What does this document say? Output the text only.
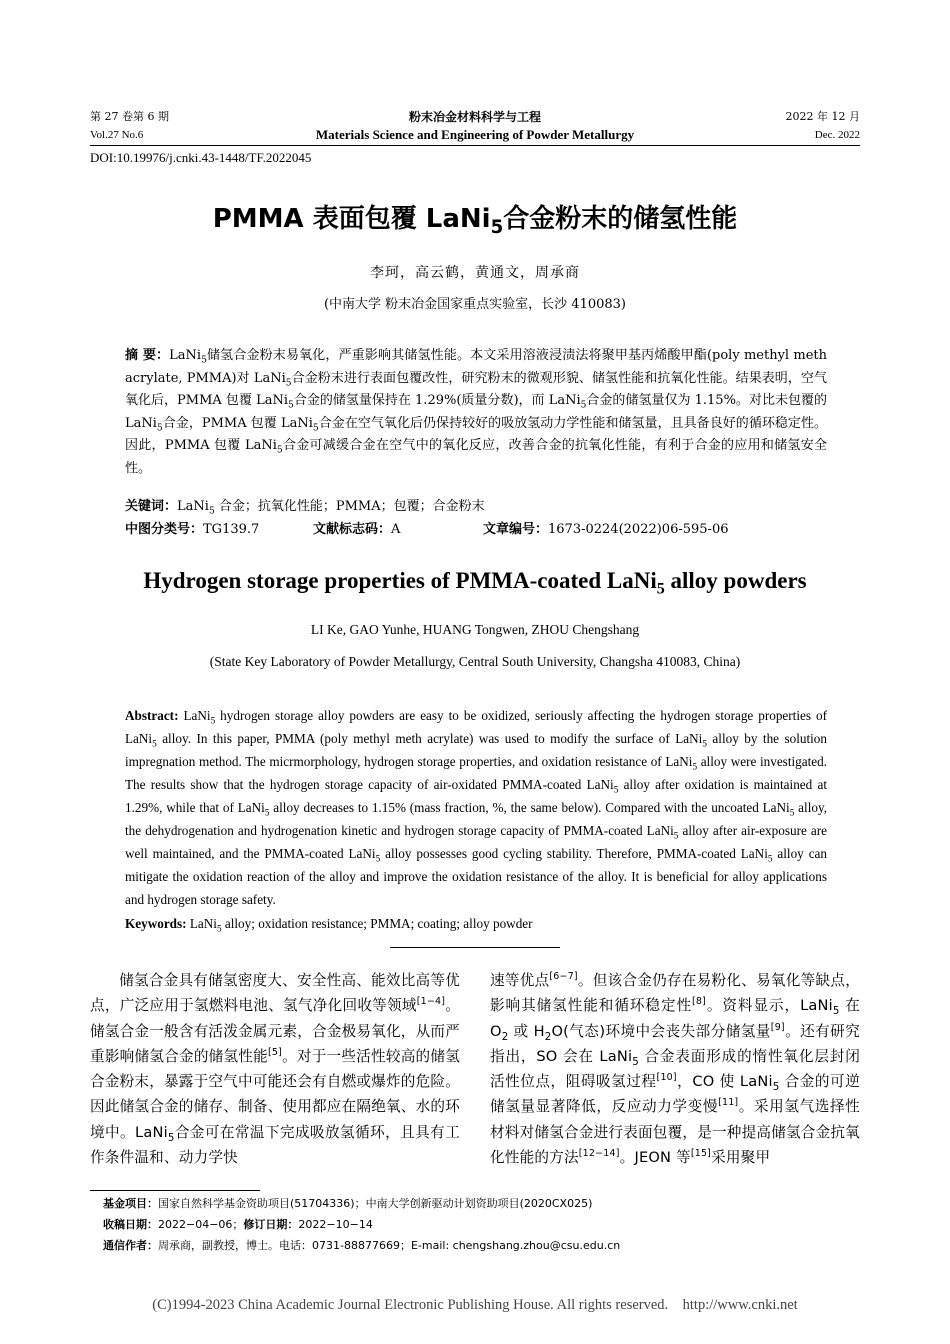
第 27 卷第 6 期
Vol.27 No.6
粉末冶金材料科学与工程
Materials Science and Engineering of Powder Metallurgy
2022 年 12 月
Dec. 2022
DOI:10.19976/j.cnki.43-1448/TF.2022045
PMMA 表面包覆 LaNi$_5$合金粉末的储氢性能
李珂，高云鹤，黄通文，周承商
(中南大学 粉末冶金国家重点实验室，长沙 410083)
摘 要：LaNi$_5$储氢合金粉末易氧化，严重影响其储氢性能。本文采用溶液浸渍法将聚甲基丙烯酸甲酯(poly methyl meth acrylate, PMMA)对 LaNi$_5$合金粉末进行表面包覆改性，研究粉末的微观形貌、储氢性能和抗氧化性能。结果表明，空气氧化后，PMMA 包覆 LaNi$_5$合金的储氢量保持在 1.29%(质量分数)，而 LaNi$_5$合金的储氢量仅为 1.15%。对比未包覆的 LaNi$_5$合金，PMMA 包覆 LaNi$_5$合金在空气氧化后仍保持较好的吸放氢动力学性能和储氢量，且具备良好的循环稳定性。因此，PMMA 包覆 LaNi$_5$合金可减缓合金在空气中的氧化反应，改善合金的抗氧化性能，有利于合金的应用和储氢安全性。
关键词：LaNi$_5$ 合金；抗氧化性能；PMMA；包覆；合金粉末
中图分类号：TG139.7	文献标志码：A	文章编号：1673-0224(2022)06-595-06
Hydrogen storage properties of PMMA-coated LaNi$_5$ alloy powders
LI Ke, GAO Yunhe, HUANG Tongwen, ZHOU Chengshang
(State Key Laboratory of Powder Metallurgy, Central South University, Changsha 410083, China)
Abstract: LaNi$_5$ hydrogen storage alloy powders are easy to be oxidized, seriously affecting the hydrogen storage properties of LaNi$_5$ alloy. In this paper, PMMA (poly methyl meth acrylate) was used to modify the surface of LaNi$_5$ alloy by the solution impregnation method. The micrmorphology, hydrogen storage properties, and oxidation resistance of LaNi$_5$ alloy were investigated. The results show that the hydrogen storage capacity of air-oxidated PMMA-coated LaNi$_5$ alloy after oxidation is maintained at 1.29%, while that of LaNi$_5$ alloy decreases to 1.15% (mass fraction, %, the same below). Compared with the uncoated LaNi$_5$ alloy, the dehydrogenation and hydrogenation kinetic and hydrogen storage capacity of PMMA-coated LaNi$_5$ alloy after air-exposure are well maintained, and the PMMA-coated LaNi$_5$ alloy possesses good cycling stability. Therefore, PMMA-coated LaNi$_5$ alloy can mitigate the oxidation reaction of the alloy and improve the oxidation resistance of the alloy. It is beneficial for alloy applications and hydrogen storage safety.
Keywords: LaNi$_5$ alloy; oxidation resistance; PMMA; coating; alloy powder
储氢合金具有储氢密度大、安全性高、能效比高等优点，广泛应用于氢燃料电池、氢气净化回收等领域[1−4]。储氢合金一般含有活泼金属元素，合金极易氧化，从而严重影响储氢合金的储氢性能[5]。对于一些活性较高的储氢合金粉末，暴露于空气中可能还会有自燃或爆炸的危险。因此储氢合金的储存、制备、使用都应在隔绝氧、水的环境中。LaNi$_5$合金可在常温下完成吸放氢循环，且具有工作条件温和、动力学快
速等优点[6−7]。但该合金仍存在易粉化、易氧化等缺点，影响其储氢性能和循环稳定性[8]。资料显示，LaNi$_5$ 在 $O_2$ 或 $H_2O$(气态)环境中会丧失部分储氢量[9]。还有研究指出，SO 会在 LaNi$_5$ 合金表面形成的惰性氧化层封闭活性位点，阻碍吸氢过程[10]，CO 使 LaNi$_5$ 合金的可逆储氢量显著降低，反应动力学变慢[11]。采用氢气选择性材料对储氢合金进行表面包覆，是一种提高储氢合金抗氧化性能的方法[12−14]。JEON 等[15]采用聚甲
基金项目：国家自然科学基金资助项目(51704336)；中南大学创新驱动计划资助项目(2020CX025)
收稿日期：2022−04−06；修订日期：2022−10−14
通信作者：周承商，副教授，博士。电话：0731-88877669；E-mail: chengshang.zhou@csu.edu.cn
(C)1994-2023 China Academic Journal Electronic Publishing House. All rights reserved.    http://www.cnki.net
